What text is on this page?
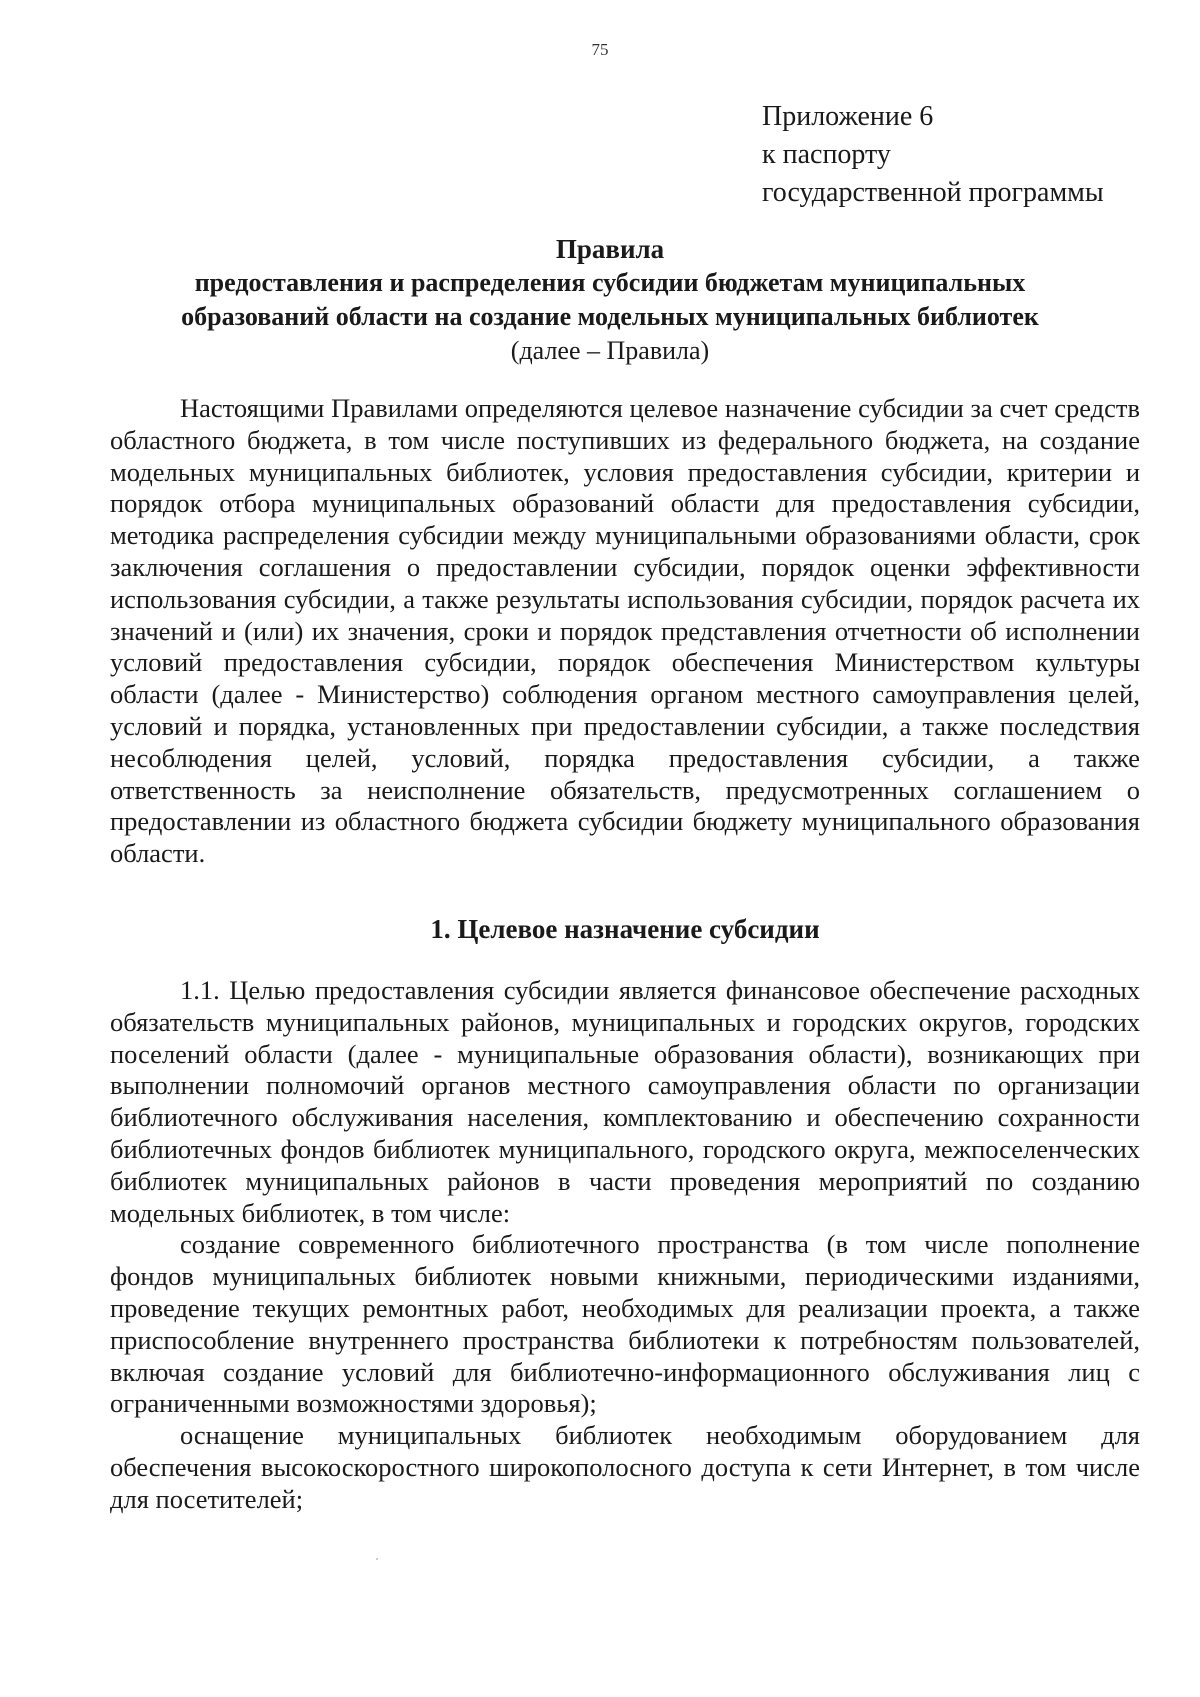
75
Приложение 6
к паспорту
государственной программы
Правила
предоставления и распределения субсидии бюджетам муниципальных
образований области на создание модельных муниципальных библиотек
(далее – Правила)

Настоящими Правилами определяются целевое назначение субсидии за счет средств областного бюджета, в том числе поступивших из федерального бюджета, на создание модельных муниципальных библиотек, условия предоставления субсидии, критерии и порядок отбора муниципальных образований области для предоставления субсидии, методика распределения субсидии между муниципальными образованиями области, срок заключения соглашения о предоставлении субсидии, порядок оценки эффективности использования субсидии, а также результаты использования субсидии, порядок расчета их значений и (или) их значения, сроки и порядок представления отчетности об исполнении условий предоставления субсидии, порядок обеспечения Министерством культуры области (далее - Министерство) соблюдения органом местного самоуправления целей, условий и порядка, установленных при предоставлении субсидии, а также последствия несоблюдения целей, условий, порядка предоставления субсидии, а также ответственность за неисполнение обязательств, предусмотренных соглашением о предоставлении из областного бюджета субсидии бюджету муниципального образования области.

1. Целевое назначение субсидии

1.1. Целью предоставления субсидии является финансовое обеспечение расходных обязательств муниципальных районов, муниципальных и городских округов, городских поселений области (далее - муниципальные образования области), возникающих при выполнении полномочий органов местного самоуправления области по организации библиотечного обслуживания населения, комплектованию и обеспечению сохранности библиотечных фондов библиотек муниципального, городского округа, межпоселенческих библиотек муниципальных районов в части проведения мероприятий по созданию модельных библиотек, в том числе:

создание современного библиотечного пространства (в том числе пополнение фондов муниципальных библиотек новыми книжными, периодическими изданиями, проведение текущих ремонтных работ, необходимых для реализации проекта, а также приспособление внутреннего пространства библиотеки к потребностям пользователей, включая создание условий для библиотечно-информационного обслуживания лиц с ограниченными возможностями здоровья);

оснащение муниципальных библиотек необходимым оборудованием для обеспечения высокоскоростного широкополосного доступа к сети Интернет, в том числе для посетителей;
